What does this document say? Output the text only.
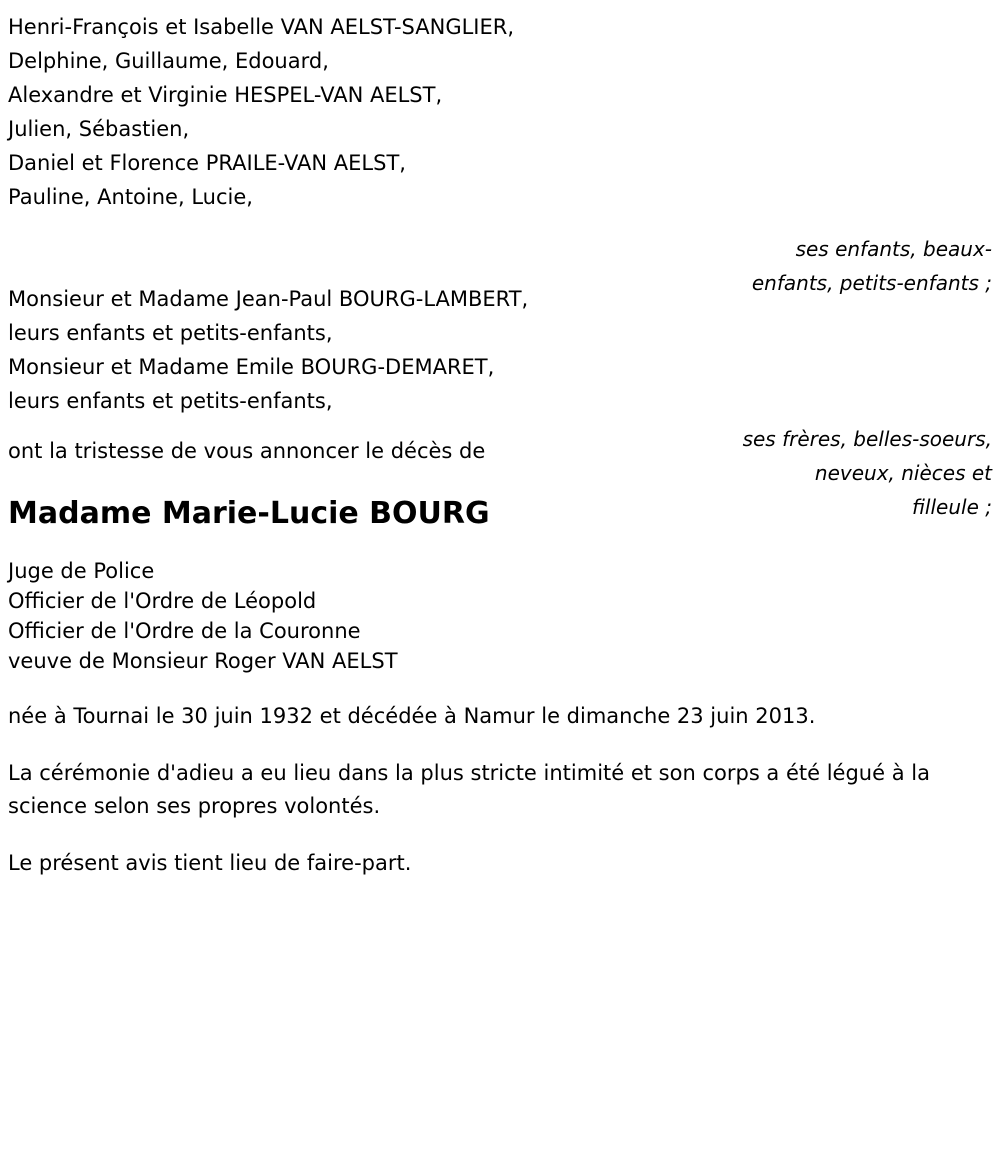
Henri-François et Isabelle VAN AELST-SANGLIER,
Delphine, Guillaume, Edouard,
Alexandre et Virginie HESPEL-VAN AELST,
Julien, Sébastien,
Daniel et Florence PRAILE-VAN AELST,
Pauline, Antoine, Lucie,
ses enfants, beaux-enfants, petits-enfants ;
Monsieur et Madame Jean-Paul BOURG-LAMBERT,
leurs enfants et petits-enfants,
Monsieur et Madame Emile BOURG-DEMARET,
leurs enfants et petits-enfants,
ses frères, belles-soeurs, neveux, nièces et filleule ;
ont la tristesse de vous annoncer le décès de
Madame Marie-Lucie BOURG
Juge de Police
Officier de l'Ordre de Léopold
Officier de l'Ordre de la Couronne
veuve de Monsieur Roger VAN AELST
née à Tournai le 30 juin 1932 et décédée à Namur le dimanche 23 juin 2013.
La cérémonie d'adieu a eu lieu dans la plus stricte intimité et son corps a été légué à la science selon ses propres volontés.
Le présent avis tient lieu de faire-part.
